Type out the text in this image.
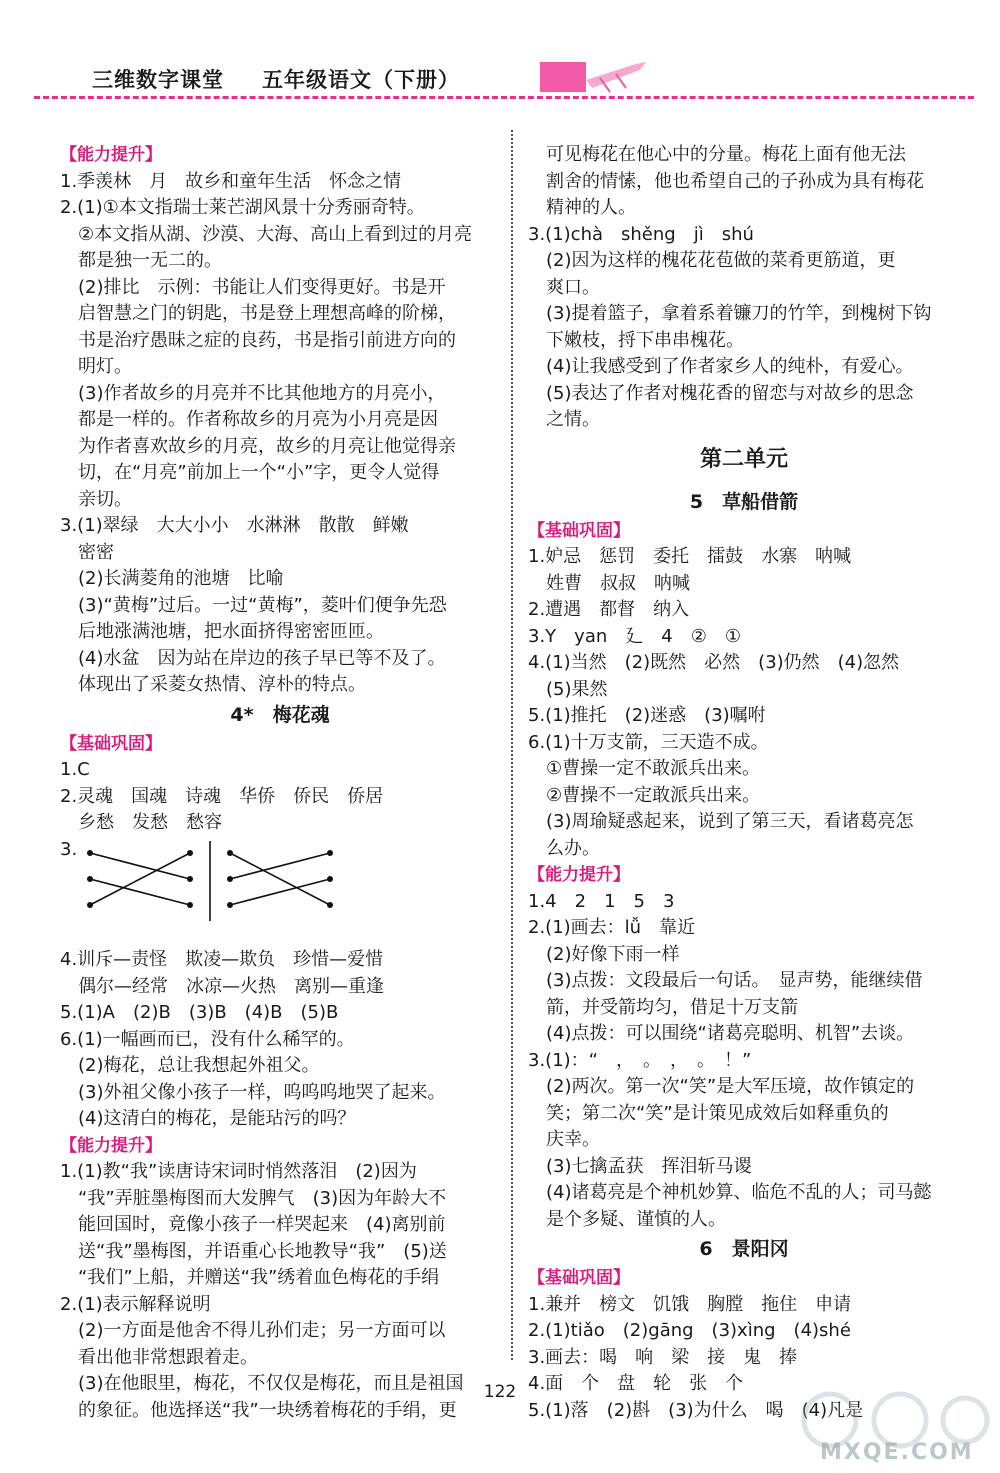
三维数字课堂 五年级语文（下册）
【能力提升】
1.季羡林　月　故乡和童年生活　怀念之情
2.(1)①本文指瑞士莱芒湖风景十分秀丽奇特。
　②本文指从湖、沙漠、大海、高山上看到过的月亮
　都是独一无二的。
　(2)排比　示例：书能让人们变得更好。书是开
　启智慧之门的钥匙，书是登上理想高峰的阶梯，
　书是治疗愚昧之症的良药，书是指引前进方向的
　明灯。
　(3)作者故乡的月亮并不比其他地方的月亮小，
　都是一样的。作者称故乡的月亮为小月亮是因
　为作者喜欢故乡的月亮，故乡的月亮让他觉得亲
　切，在“月亮”前加上一个“小”字，更令人觉得
　亲切。
3.(1)翠绿　大大小小　水淋淋　散散　鲜嫩
　密密
　(2)长满菱角的池塘　比喻
　(3)“黄梅”过后。一过“黄梅”，菱叶们便争先恐
　后地涨满池塘，把水面挤得密密匝匝。
　(4)水盆　因为站在岸边的孩子早已等不及了。
　体现出了采菱女热情、淳朴的特点。
4*　梅花魂
【基础巩固】
1.C
2.灵魂　国魂　诗魂　华侨　侨民　侨居
　乡愁　发愁　愁容
3.
4.训斥—责怪　欺凌—欺负　珍惜—爱惜
　偶尔—经常　冰凉—火热　离别—重逢
5.(1)A　(2)B　(3)B　(4)B　(5)B
6.(1)一幅画而已，没有什么稀罕的。
　(2)梅花，总让我想起外祖父。
　(3)外祖父像小孩子一样，呜呜呜地哭了起来。
　(4)这清白的梅花，是能玷污的吗？
【能力提升】
1.(1)教“我”读唐诗宋词时悄然落泪　(2)因为
　“我”弄脏墨梅图而大发脾气　(3)因为年龄大不
　能回国时，竟像小孩子一样哭起来　(4)离别前
　送“我”墨梅图，并语重心长地教导“我”　(5)送
　“我们”上船，并赠送“我”绣着血色梅花的手绢
2.(1)表示解释说明
　(2)一方面是他舍不得儿孙们走；另一方面可以
　看出他非常想跟着走。
　(3)在他眼里，梅花，不仅仅是梅花，而且是祖国
　的象征。他选择送“我”一块绣着梅花的手绢，更
　可见梅花在他心中的分量。梅花上面有他无法
　割舍的情愫，他也希望自己的子孙成为具有梅花
　精神的人。
3.(1)chà　shěng　jì　shú
　(2)因为这样的槐花花苞做的菜肴更筋道，更
　爽口。
　(3)提着篮子，拿着系着镰刀的竹竿，到槐树下钩
　下嫩枝，捋下串串槐花。
　(4)让我感受到了作者家乡人的纯朴，有爱心。
　(5)表达了作者对槐花香的留恋与对故乡的思念
　之情。
第二单元
5　草船借箭
【基础巩固】
1.妒忌　惩罚　委托　擂鼓　水寨　呐喊
　姓曹　叔叔　呐喊
2.遭遇　都督　纳入
3.Y　yan　廴　4　②　①
4.(1)当然　(2)既然　必然　(3)仍然　(4)忽然
　(5)果然
5.(1)推托　(2)迷惑　(3)嘱咐
6.(1)十万支箭，三天造不成。
　①曹操一定不敢派兵出来。
　②曹操不一定敢派兵出来。
　(3)周瑜疑惑起来，说到了第三天，看诸葛亮怎
　么办。
【能力提升】
1.4　2　1　5　3
2.(1)画去：lǚ　靠近
　(2)好像下雨一样
　(3)点拨：文段最后一句话。　显声势，能继续借
　箭，并受箭均匀，借足十万支箭
　(4)点拨：可以围绕“诸葛亮聪明、机智”去谈。
3.(1)：“　，　。　，　。　！”
　(2)两次。第一次“笑”是大军压境，故作镇定的
　笑；第二次“笑”是计策见成效后如释重负的
　庆幸。
　(3)七擒孟获　挥泪斩马谡
　(4)诸葛亮是个神机妙算、临危不乱的人；司马懿
　是个多疑、谨慎的人。
6　景阳冈
【基础巩固】
1.兼并　榜文　饥饿　胸膛　拖住　申请
2.(1)tiǎo　(2)gāng　(3)xìng　(4)shé
3.画去：喝　响　梁　接　鬼　捧
4.面　个　盘　轮　张　个
5.(1)落　(2)斟　(3)为什么　喝　(4)凡是
122
MXQE.COM
